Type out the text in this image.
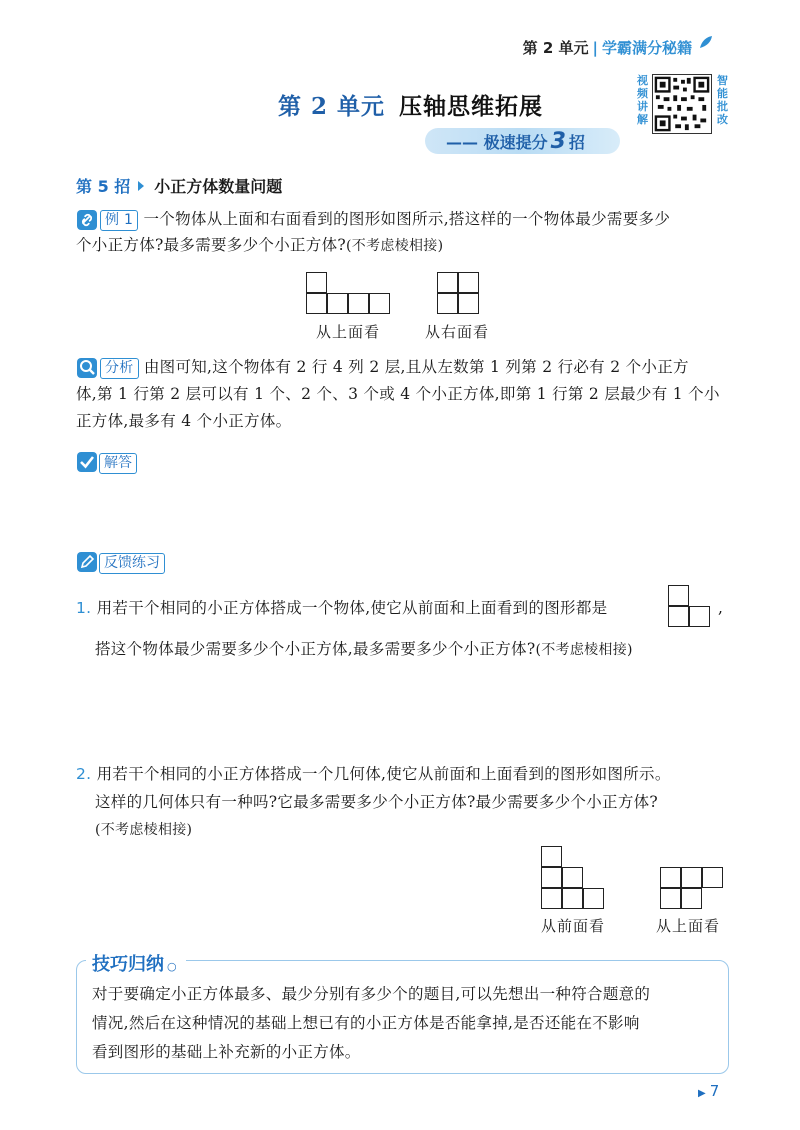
第 2 单元 | 学霸满分秘籍
视频讲解
智能批改
第 2 单元 压轴思维拓展
—— 极速提分 3 招
第 5 招 小正方体数量问题
例 1 一个物体从上面和右面看到的图形如图所示,搭这样的一个物体最少需要多少
个小正方体?最多需要多少个小正方体?(不考虑棱相接)
从上面看	从右面看
分析 由图可知,这个物体有 2 行 4 列 2 层,且从左数第 1 列第 2 行必有 2 个小正方
体,第 1 行第 2 层可以有 1 个、2 个、3 个或 4 个小正方体,即第 1 行第 2 层最少有 1 个小
正方体,最多有 4 个小正方体。
解答
反馈练习
1. 用若干个相同的小正方体搭成一个物体,使它从前面和上面看到的图形都是	,
搭这个物体最少需要多少个小正方体,最多需要多少个小正方体?(不考虑棱相接)
2. 用若干个相同的小正方体搭成一个几何体,使它从前面和上面看到的图形如图所示。
这样的几何体只有一种吗?它最多需要多少个小正方体?最少需要多少个小正方体?
(不考虑棱相接)
从前面看	从上面看
技巧归纳 ○
对于要确定小正方体最多、最少分别有多少个的题目,可以先想出一种符合题意的
情况,然后在这种情况的基础上想已有的小正方体是否能拿掉,是否还能在不影响
看到图形的基础上补充新的小正方体。
▶ 7
